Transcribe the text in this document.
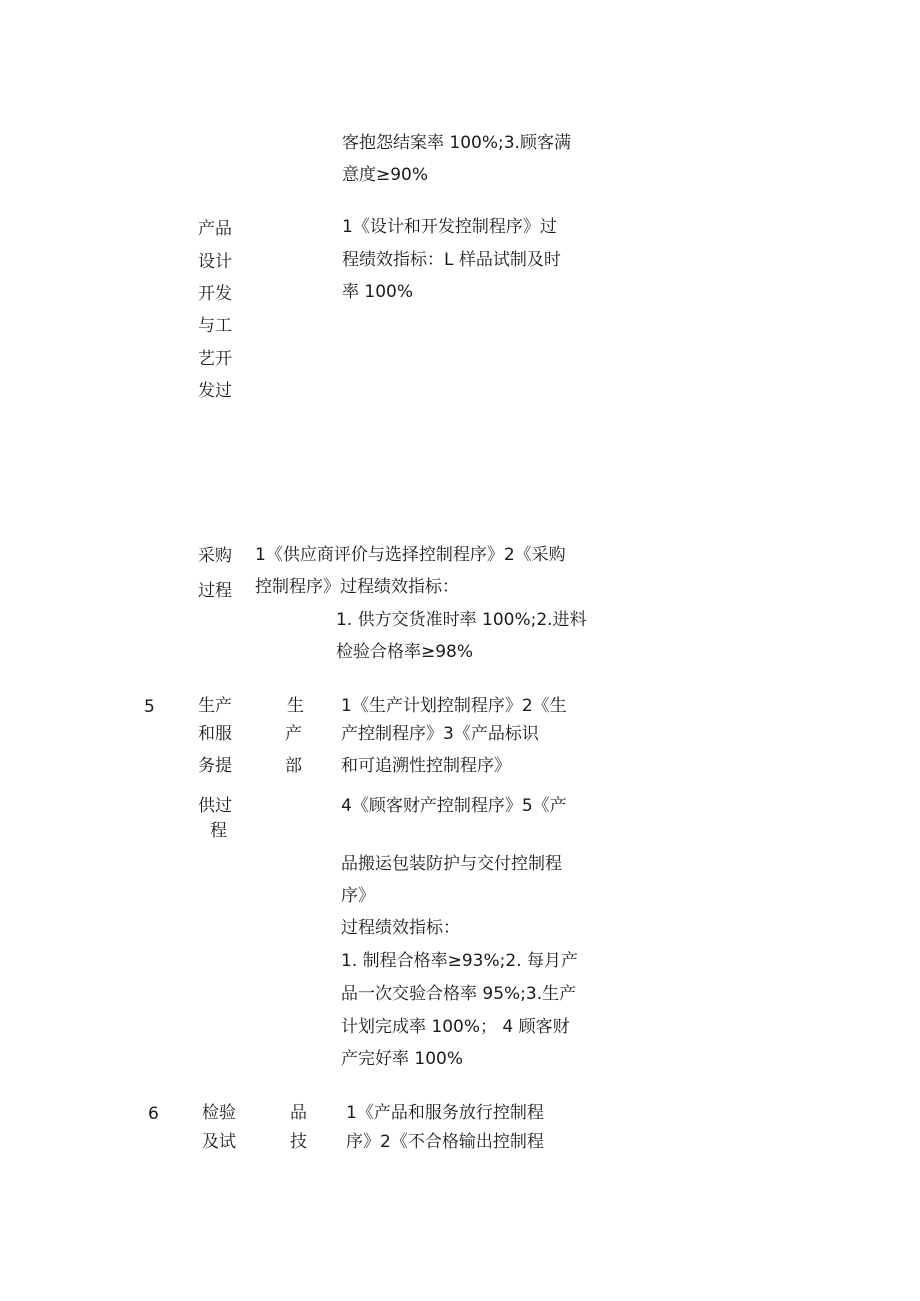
客抱怨结案率 100%;3.顾客满

意度≥90%

产品

设计

开发

与工

艺开

发过

1《设计和开发控制程序》过

程绩效指标：L 样品试制及时

率 100%

采购

过程

1《供应商评价与选择控制程序》2《采购

控制程序》过程绩效指标：

1. 供方交货准时率 100%;2.进料

检验合格率≥98%

5	生产

和服

务提

供过

程

生

产

部

1《生产计划控制程序》2《生

产控制程序》3《产品标识

和可追溯性控制程序》

4《顾客财产控制程序》5《产

品搬运包装防护与交付控制程

序》

过程绩效指标：

1. 制程合格率≥93%;2. 每月产

品一次交验合格率 95%;3.生产

计划完成率 100%； 4 顾客财

产完好率 100%

6	检验

及试

品

技

1《产品和服务放行控制程

序》2《不合格输出控制程
